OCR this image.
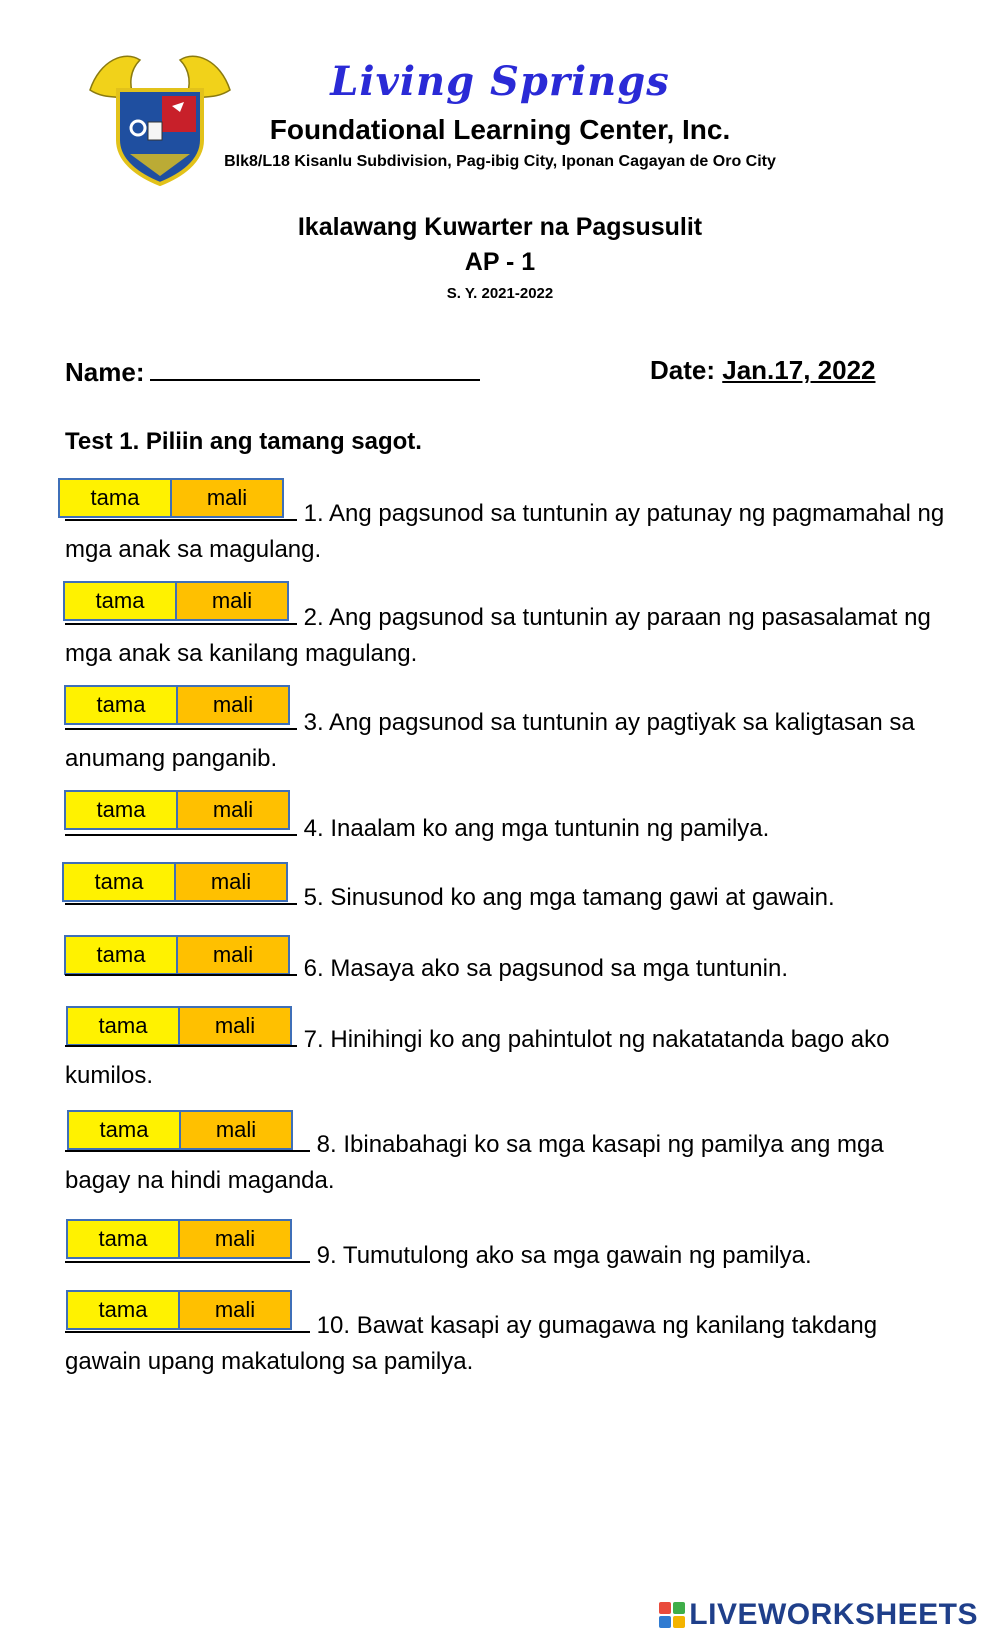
Living Springs
Foundational Learning Center, Inc.
Blk8/L18 Kisanlu Subdivision, Pag-ibig City, Iponan Cagayan de Oro City
Ikalawang Kuwarter na Pagsusulit
AP - 1
S. Y. 2021-2022
Name:	Date: Jan.17, 2022
Test 1. Piliin ang tamang sagot.
tama	mali
1. Ang pagsunod sa tuntunin ay patunay ng pagmamahal ng mga anak sa magulang.
tama	mali
2. Ang pagsunod sa tuntunin ay paraan ng pasasalamat ng mga anak sa kanilang magulang.
tama	mali
3. Ang pagsunod sa tuntunin ay pagtiyak sa kaligtasan sa anumang panganib.
tama	mali
4. Inaalam ko ang mga tuntunin ng pamilya.
tama	mali
5. Sinusunod ko ang mga tamang gawi at gawain.
tama	mali
6. Masaya ako sa pagsunod sa mga tuntunin.
tama	mali
7. Hinihingi ko ang pahintulot ng nakatatanda bago ako kumilos.
tama	mali
8. Ibinabahagi ko sa mga kasapi ng pamilya ang mga bagay na hindi maganda.
tama	mali
9. Tumutulong ako sa mga gawain ng pamilya.
tama	mali
10. Bawat kasapi ay gumagawa ng kanilang takdang gawain upang makatulong sa pamilya.
LIVEWORKSHEETS
